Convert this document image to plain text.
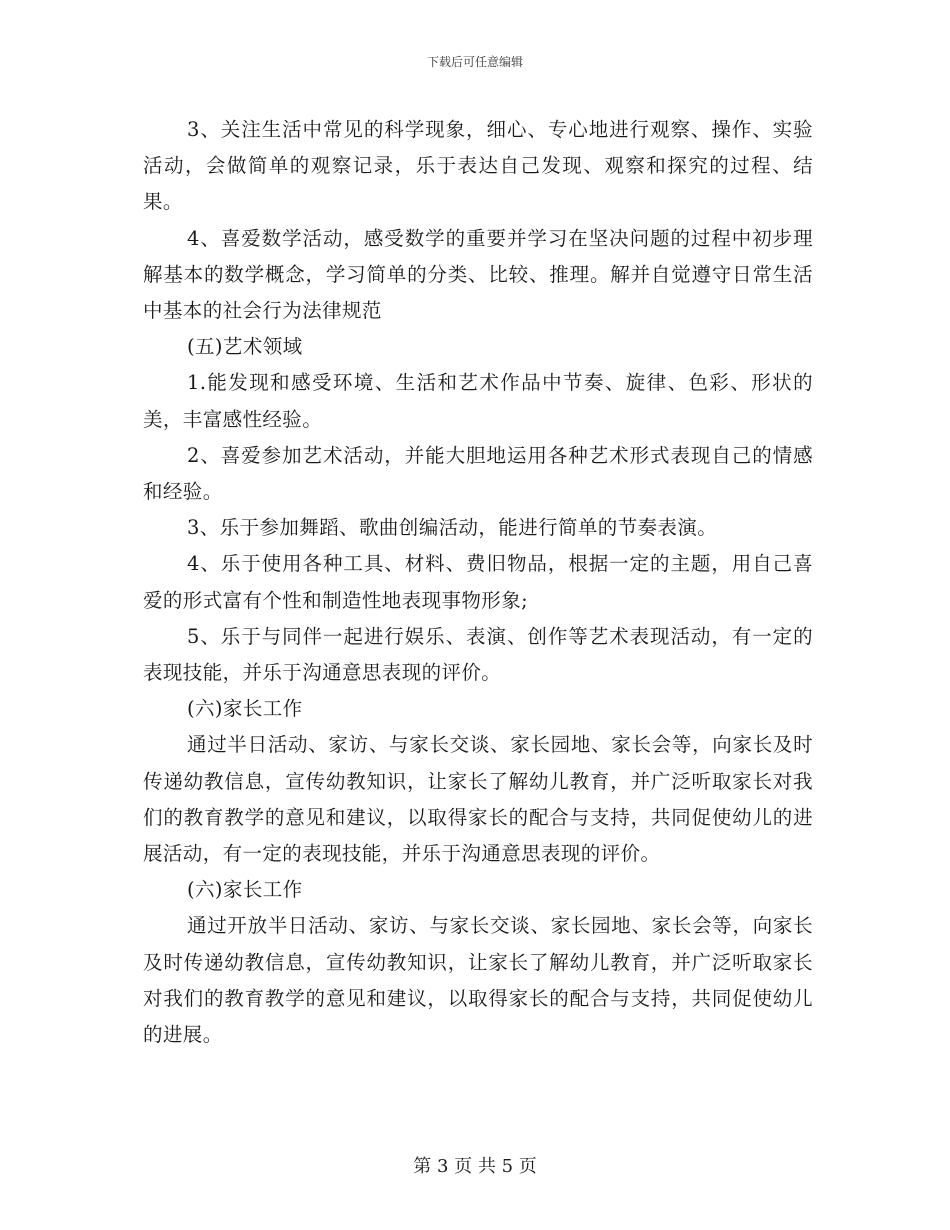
下载后可任意编辑

3、关注生活中常见的科学现象，细心、专心地进行观察、操作、实验活动，会做简单的观察记录，乐于表达自己发现、观察和探究的过程、结果。

4、喜爱数学活动，感受数学的重要并学习在坚决问题的过程中初步理解基本的数学概念，学习简单的分类、比较、推理。解并自觉遵守日常生活中基本的社会行为法律规范

(五)艺术领域

1.能发现和感受环境、生活和艺术作品中节奏、旋律、色彩、形状的美，丰富感性经验。

2、喜爱参加艺术活动，并能大胆地运用各种艺术形式表现自己的情感和经验。

3、乐于参加舞蹈、歌曲创编活动，能进行简单的节奏表演。

4、乐于使用各种工具、材料、费旧物品，根据一定的主题，用自己喜爱的形式富有个性和制造性地表现事物形象;

5、乐于与同伴一起进行娱乐、表演、创作等艺术表现活动，有一定的表现技能，并乐于沟通意思表现的评价。

(六)家长工作

通过半日活动、家访、与家长交谈、家长园地、家长会等，向家长及时传递幼教信息，宣传幼教知识，让家长了解幼儿教育，并广泛听取家长对我们的教育教学的意见和建议，以取得家长的配合与支持，共同促使幼儿的进展活动，有一定的表现技能，并乐于沟通意思表现的评价。

(六)家长工作

通过开放半日活动、家访、与家长交谈、家长园地、家长会等，向家长及时传递幼教信息，宣传幼教知识，让家长了解幼儿教育，并广泛听取家长对我们的教育教学的意见和建议，以取得家长的配合与支持，共同促使幼儿的进展。

第 3 页 共 5 页
